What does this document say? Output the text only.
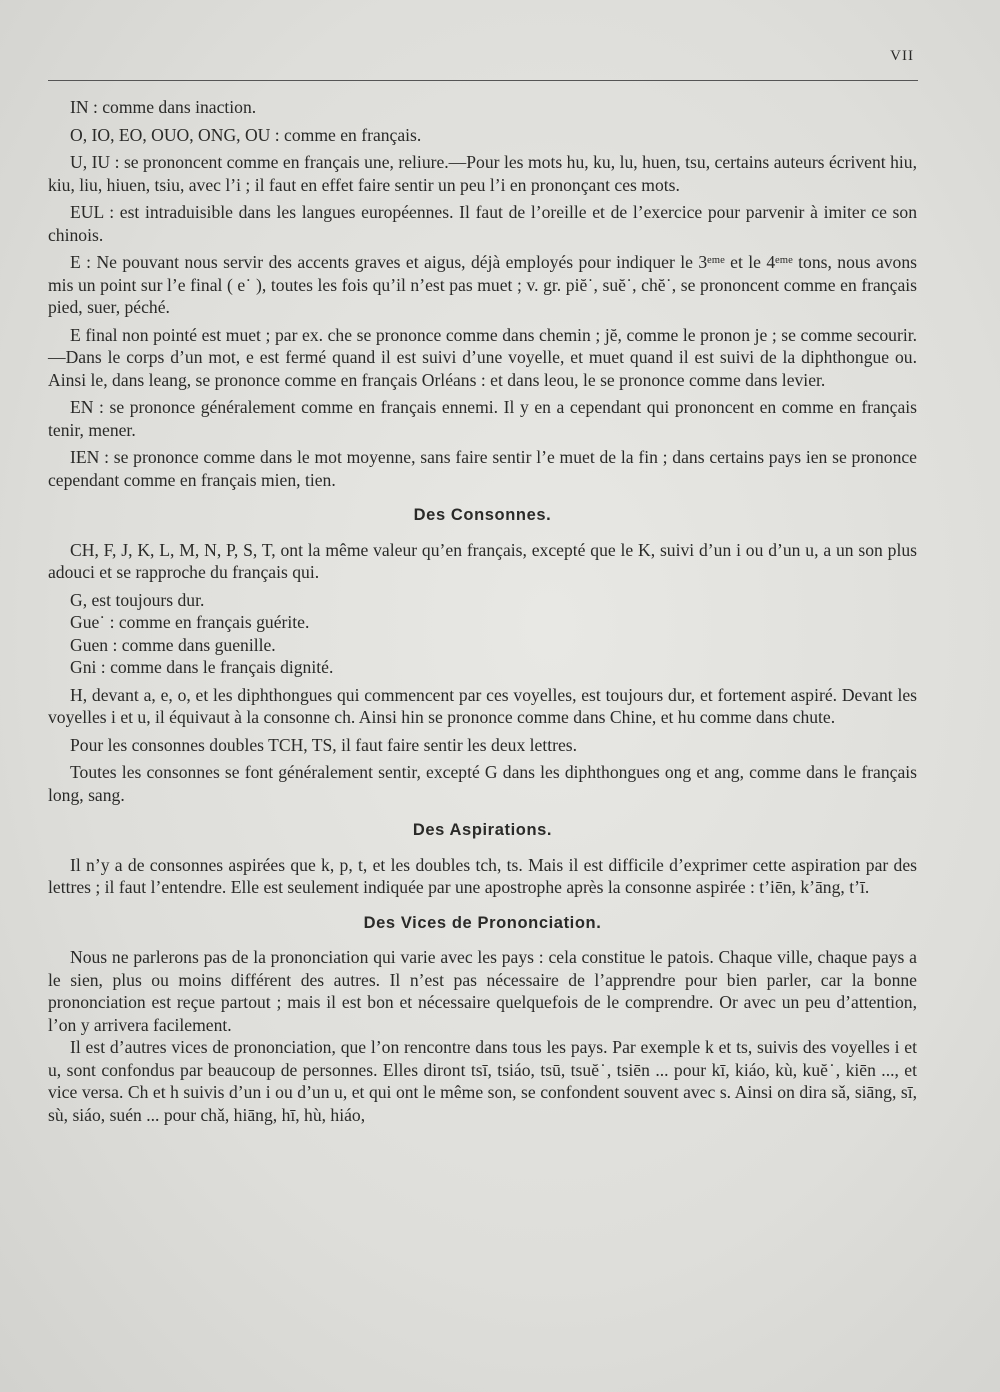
VII

IN : comme dans inaction.

O, IO, EO, OUO, ONG, OU : comme en français.

U, IU : se prononcent comme en français une, reliure.—Pour les mots hu, ku, lu, huen, tsu, certains auteurs écrivent hiu, kiu, liu, hiuen, tsiu, avec l’i ; il faut en effet faire sentir un peu l’i en prononçant ces mots.

EUL : est intraduisible dans les langues européennes. Il faut de l’oreille et de l’exercice pour parvenir à imiter ce son chinois.

E : Ne pouvant nous servir des accents graves et aigus, déjà employés pour indiquer le 3ᵉᵐᵉ et le 4ᵉᵐᵉ tons, nous avons mis un point sur l’e final ( e˙ ), toutes les fois qu’il n’est pas muet ; v. gr. piĕ˙, suĕ˙, chĕ˙, se prononcent comme en français pied, suer, péché.

E final non pointé est muet ; par ex. che se prononce comme dans chemin ; jĕ, comme le pronon je ; se comme secourir.—Dans le corps d’un mot, e est fermé quand il est suivi d’une voyelle, et muet quand il est suivi de la diphthongue ou. Ainsi le, dans leang, se prononce comme en français Orléans : et dans leou, le se prononce comme dans levier.

EN : se prononce généralement comme en français ennemi. Il y en a cependant qui prononcent en comme en français tenir, mener.

IEN : se prononce comme dans le mot moyenne, sans faire sentir l’e muet de la fin ; dans certains pays ien se prononce cependant comme en français mien, tien.

Des Consonnes.

CH, F, J, K, L, M, N, P, S, T, ont la même valeur qu’en français, excepté que le K, suivi d’un i ou d’un u, a un son plus adouci et se rapproche du français qui.

G, est toujours dur.

Gue˙ : comme en français guérite.

Guen : comme dans guenille.

Gni : comme dans le français dignité.

H, devant a, e, o, et les diphthongues qui commencent par ces voyelles, est toujours dur, et fortement aspiré. Devant les voyelles i et u, il équivaut à la consonne ch. Ainsi hin se prononce comme dans Chine, et hu comme dans chute.

Pour les consonnes doubles TCH, TS, il faut faire sentir les deux lettres.

Toutes les consonnes se font généralement sentir, excepté G dans les diphthongues ong et ang, comme dans le français long, sang.

Des Aspirations.

Il n’y a de consonnes aspirées que k, p, t, et les doubles tch, ts. Mais il est difficile d’exprimer cette aspiration par des lettres ; il faut l’entendre. Elle est seulement indiquée par une apostrophe après la consonne aspirée : t’iēn, k’āng, t’ī.

Des Vices de Prononciation.

Nous ne parlerons pas de la prononciation qui varie avec les pays : cela constitue le patois. Chaque ville, chaque pays a le sien, plus ou moins différent des autres. Il n’est pas nécessaire de l’apprendre pour bien parler, car la bonne prononciation est reçue partout ; mais il est bon et nécessaire quelquefois de le comprendre. Or avec un peu d’attention, l’on y arrivera facilement.

Il est d’autres vices de prononciation, que l’on rencontre dans tous les pays. Par exemple k et ts, suivis des voyelles i et u, sont confondus par beaucoup de personnes. Elles diront tsī, tsiáo, tsū, tsuĕ˙, tsiēn ... pour kī, kiáo, kù, kuĕ˙, kiēn ..., et vice versa. Ch et h suivis d’un i ou d’un u, et qui ont le même son, se confondent souvent avec s. Ainsi on dira sǎ, siāng, sī, sù, siáo, suén ... pour chǎ, hiāng, hī, hù, hiáo,
